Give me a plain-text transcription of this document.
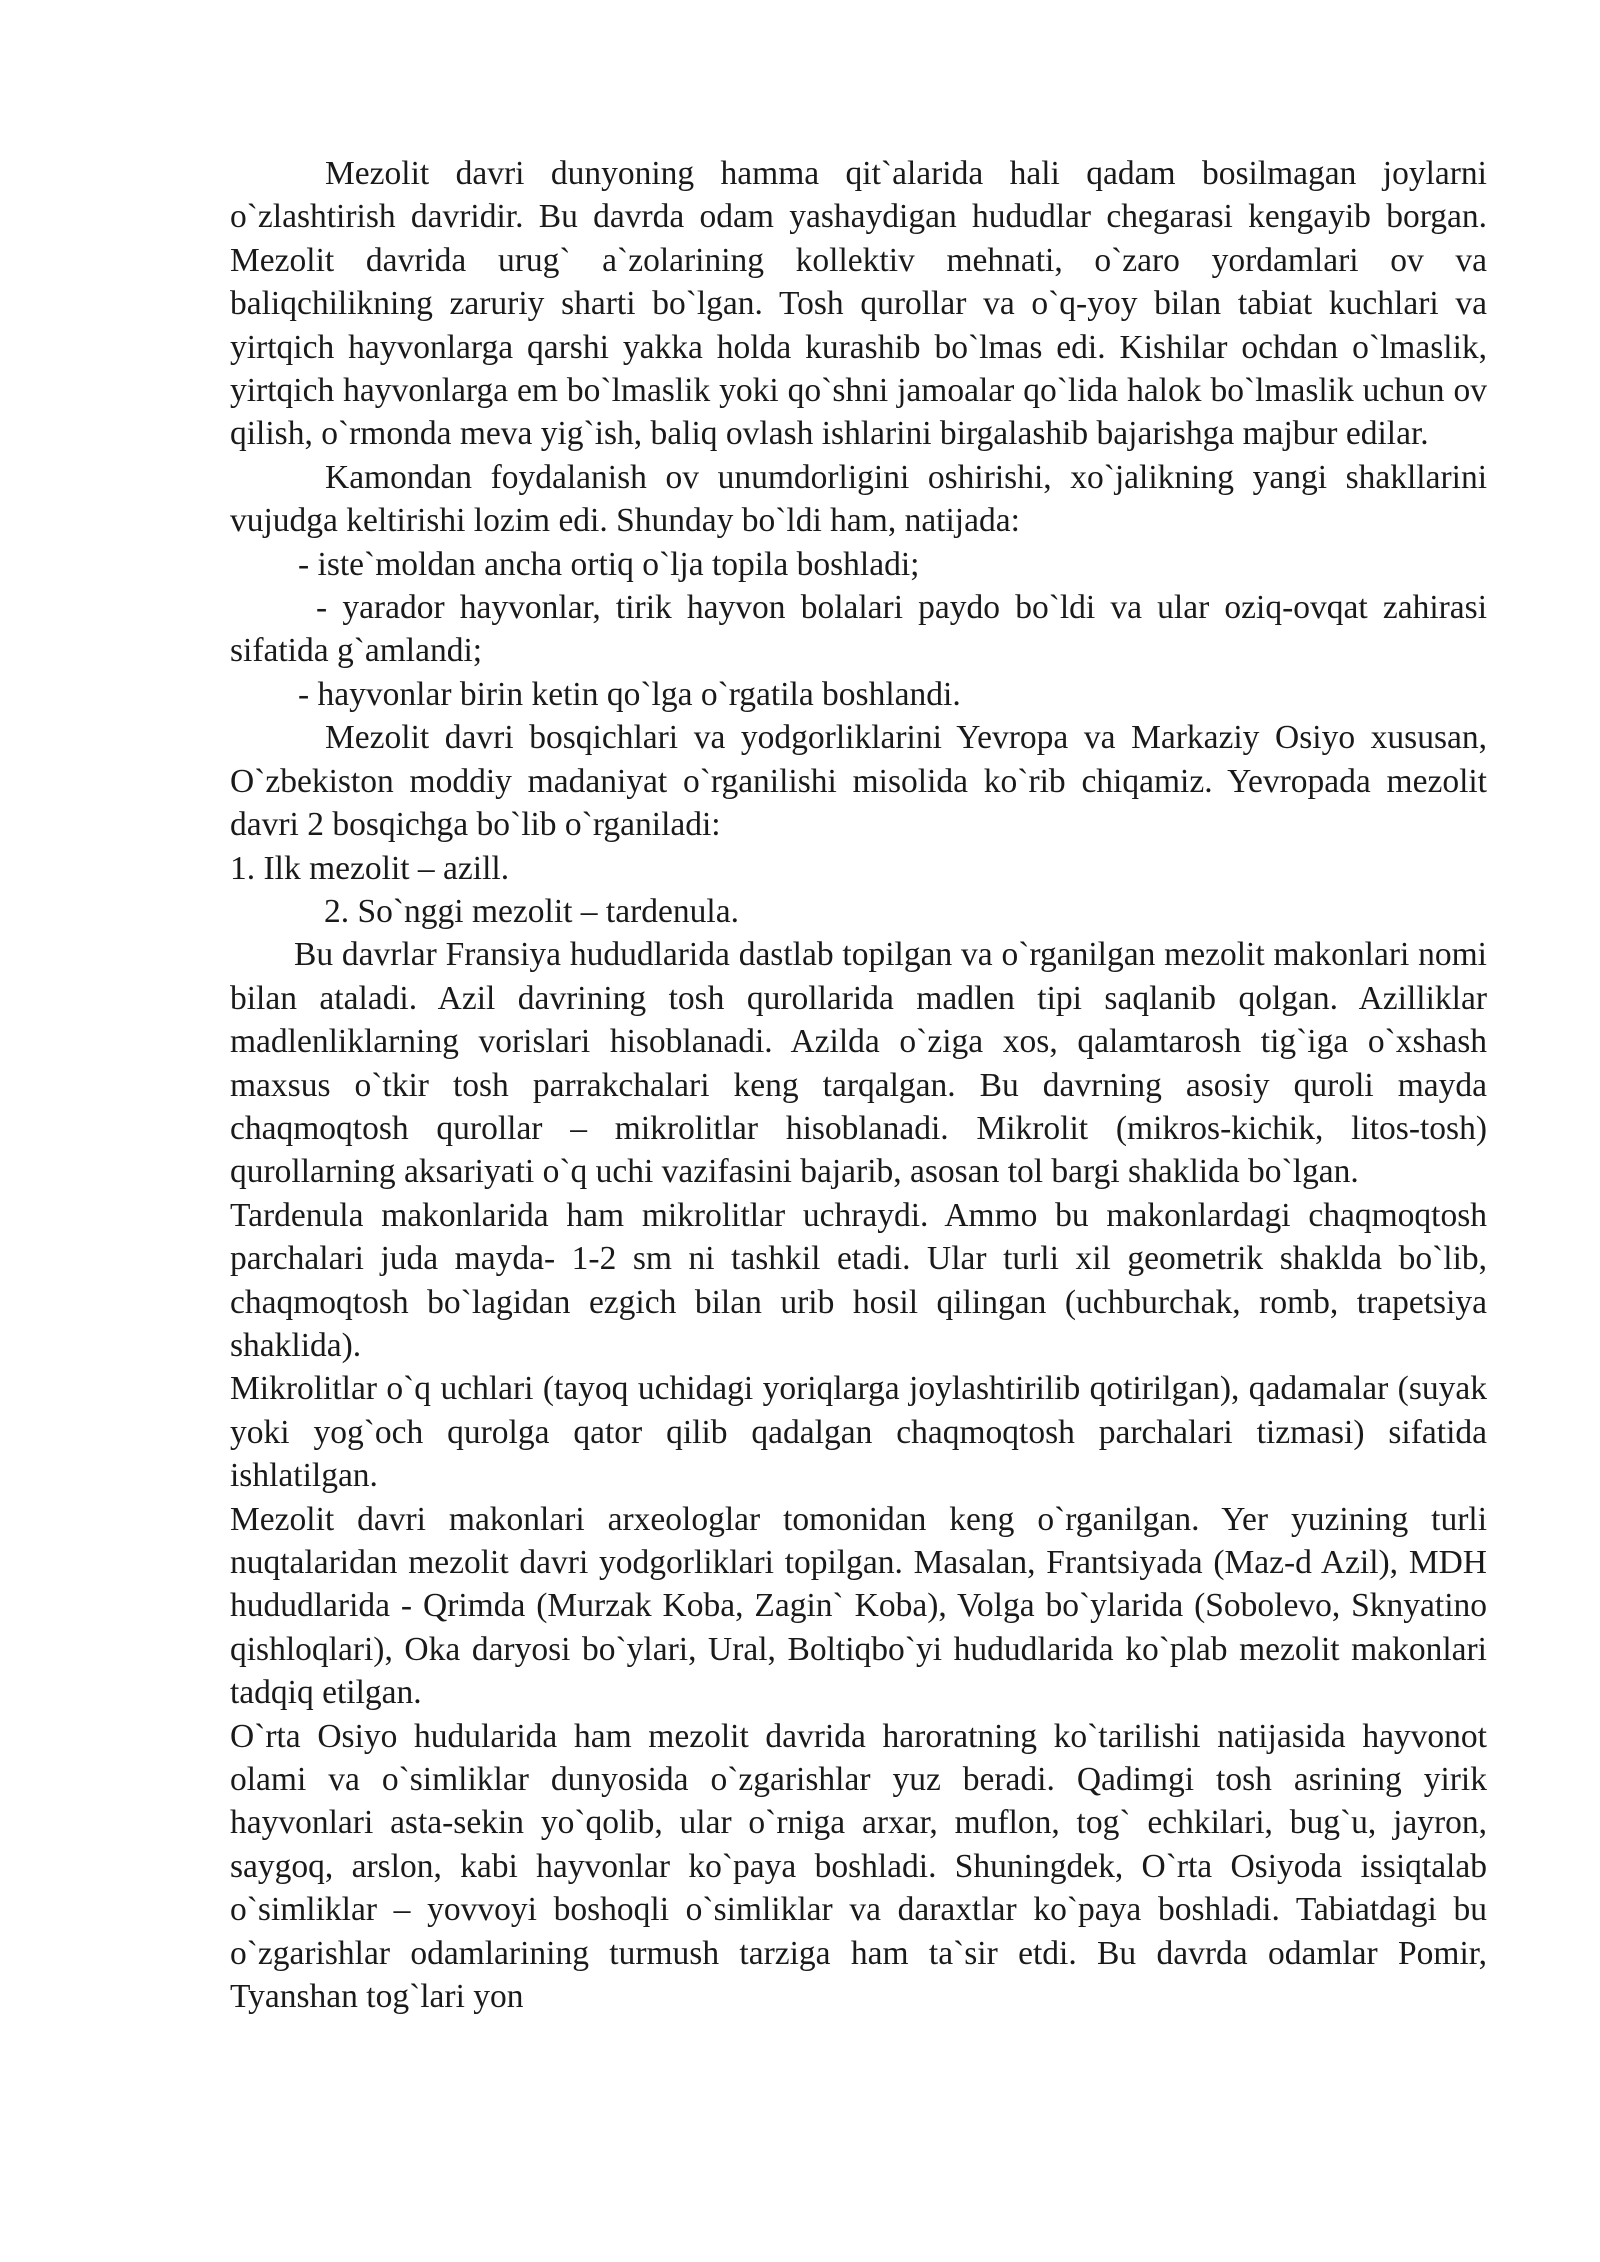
Mezolit davri dunyoning hamma qit`alarida hali qadam bosilmagan joylarni o`zlashtirish davridir. Bu davrda odam yashaydigan hududlar chegarasi kengayib borgan. Mezolit davrida urug` a`zolarining kollektiv mehnati, o`zaro yordamlari ov va baliqchilikning zaruriy sharti bo`lgan. Tosh qurollar va o`q-yoy bilan tabiat kuchlari va yirtqich hayvonlarga qarshi yakka holda kurashib bo`lmas edi. Kishilar ochdan o`lmaslik, yirtqich hayvonlarga em bo`lmaslik yoki qo`shni jamoalar qo`lida halok bo`lmaslik uchun ov qilish, o`rmonda meva yig`ish, baliq ovlash ishlarini birgalashib bajarishga majbur edilar.

Kamondan foydalanish ov unumdorligini oshirishi, xo`jalikning yangi shakllarini vujudga keltirishi lozim edi. Shunday bo`ldi ham, natijada:

- iste`moldan ancha ortiq o`lja topila boshladi;

- yarador hayvonlar, tirik hayvon bolalari paydo bo`ldi va ular oziq-ovqat zahirasi sifatida g`amlandi;

- hayvonlar birin ketin qo`lga o`rgatila boshlandi.

Mezolit davri bosqichlari va yodgorliklarini Yevropa va Markaziy Osiyo xususan, O`zbekiston moddiy madaniyat o`rganilishi misolida ko`rib chiqamiz. Yevropada mezolit davri 2 bosqichga bo`lib o`rganiladi:

1. Ilk mezolit – azill.

2. So`nggi mezolit – tardenula.

Bu davrlar Fransiya hududlarida dastlab topilgan va o`rganilgan mezolit makonlari nomi bilan ataladi. Azil davrining tosh qurollarida madlen tipi saqlanib qolgan. Azilliklar madlenliklarning vorislari hisoblanadi. Azilda o`ziga xos, qalamtarosh tig`iga o`xshash maxsus o`tkir tosh parrakchalari keng tarqalgan. Bu davrning asosiy quroli mayda chaqmoqtosh qurollar – mikrolitlar hisoblanadi. Mikrolit (mikros-kichik, litos-tosh) qurollarning aksariyati o`q uchi vazifasini bajarib, asosan tol bargi shaklida bo`lgan.

Tardenula makonlarida ham mikrolitlar uchraydi. Ammo bu makonlardagi chaqmoqtosh parchalari juda mayda- 1-2 sm ni tashkil etadi. Ular turli xil geometrik shaklda bo`lib, chaqmoqtosh bo`lagidan ezgich bilan urib hosil qilingan (uchburchak, romb, trapetsiya shaklida).

Mikrolitlar o`q uchlari (tayoq uchidagi yoriqlarga joylashtirilib qotirilgan), qadamalar (suyak yoki yog`och qurolga qator qilib qadalgan chaqmoqtosh parchalari tizmasi) sifatida ishlatilgan.

Mezolit davri makonlari arxeologlar tomonidan keng o`rganilgan. Yer yuzining turli nuqtalaridan mezolit davri yodgorliklari topilgan. Masalan, Frantsiyada (Maz-d Azil), MDH hududlarida - Qrimda (Murzak Koba, Zagin` Koba), Volga bo`ylarida (Sobolevo, Sknyatino qishloqlari), Oka daryosi bo`ylari, Ural, Boltiqbo`yi hududlarida ko`plab mezolit makonlari tadqiq etilgan.

O`rta Osiyo hudularida ham mezolit davrida haroratning ko`tarilishi natijasida hayvonot olami va o`simliklar dunyosida o`zgarishlar yuz beradi. Qadimgi tosh asrining yirik hayvonlari asta-sekin yo`qolib, ular o`rniga arxar, muflon, tog` echkilari, bug`u, jayron, saygoq, arslon, kabi hayvonlar ko`paya boshladi. Shuningdek, O`rta Osiyoda issiqtalab o`simliklar – yovvoyi boshoqli o`simliklar va daraxtlar ko`paya boshladi. Tabiatdagi bu o`zgarishlar odamlarining turmush tarziga ham ta`sir etdi. Bu davrda odamlar Pomir, Tyanshan tog`lari yon
